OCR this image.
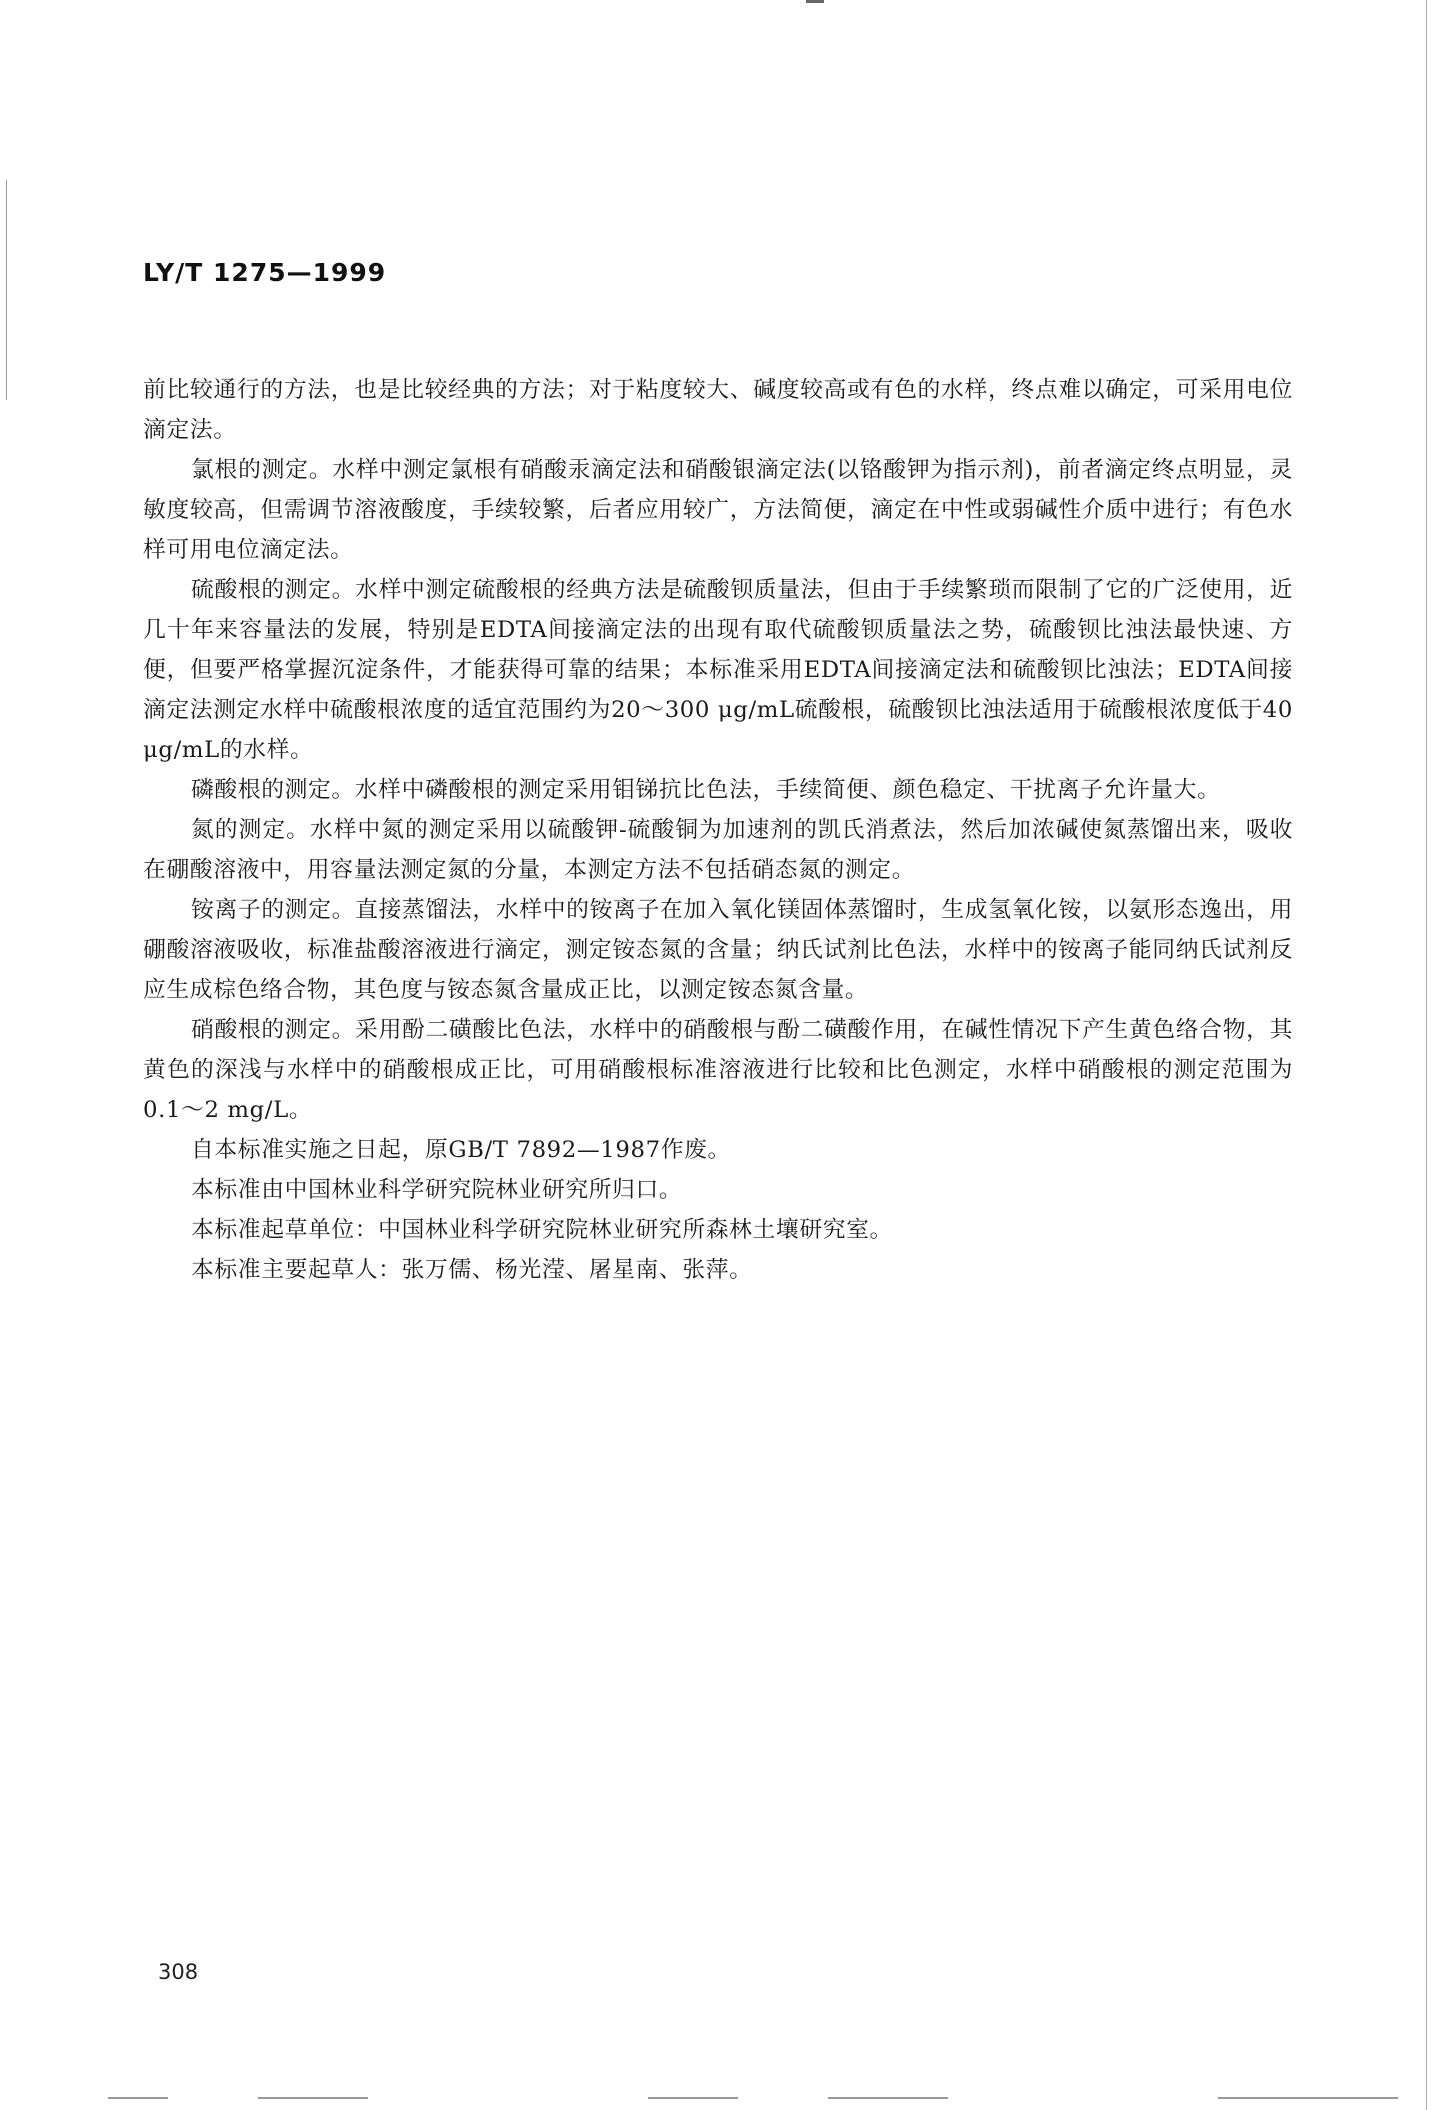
LY/T 1275—1999

前比较通行的方法，也是比较经典的方法；对于粘度较大、碱度较高或有色的水样，终点难以确定，可采用电位滴定法。

氯根的测定。水样中测定氯根有硝酸汞滴定法和硝酸银滴定法(以铬酸钾为指示剂)，前者滴定终点明显，灵敏度较高，但需调节溶液酸度，手续较繁，后者应用较广，方法简便，滴定在中性或弱碱性介质中进行；有色水样可用电位滴定法。

硫酸根的测定。水样中测定硫酸根的经典方法是硫酸钡质量法，但由于手续繁琐而限制了它的广泛使用，近几十年来容量法的发展，特别是EDTA间接滴定法的出现有取代硫酸钡质量法之势，硫酸钡比浊法最快速、方便，但要严格掌握沉淀条件，才能获得可靠的结果；本标准采用EDTA间接滴定法和硫酸钡比浊法；EDTA间接滴定法测定水样中硫酸根浓度的适宜范围约为20～300 μg/mL硫酸根，硫酸钡比浊法适用于硫酸根浓度低于40 μg/mL的水样。

磷酸根的测定。水样中磷酸根的测定采用钼锑抗比色法，手续简便、颜色稳定、干扰离子允许量大。

氮的测定。水样中氮的测定采用以硫酸钾-硫酸铜为加速剂的凯氏消煮法，然后加浓碱使氮蒸馏出来，吸收在硼酸溶液中，用容量法测定氮的分量，本测定方法不包括硝态氮的测定。

铵离子的测定。直接蒸馏法，水样中的铵离子在加入氧化镁固体蒸馏时，生成氢氧化铵，以氨形态逸出，用硼酸溶液吸收，标准盐酸溶液进行滴定，测定铵态氮的含量；纳氏试剂比色法，水样中的铵离子能同纳氏试剂反应生成棕色络合物，其色度与铵态氮含量成正比，以测定铵态氮含量。

硝酸根的测定。采用酚二磺酸比色法，水样中的硝酸根与酚二磺酸作用，在碱性情况下产生黄色络合物，其黄色的深浅与水样中的硝酸根成正比，可用硝酸根标准溶液进行比较和比色测定，水样中硝酸根的测定范围为0.1～2 mg/L。

自本标准实施之日起，原GB/T 7892—1987作废。

本标准由中国林业科学研究院林业研究所归口。

本标准起草单位：中国林业科学研究院林业研究所森林土壤研究室。

本标准主要起草人：张万儒、杨光滢、屠星南、张萍。

308
